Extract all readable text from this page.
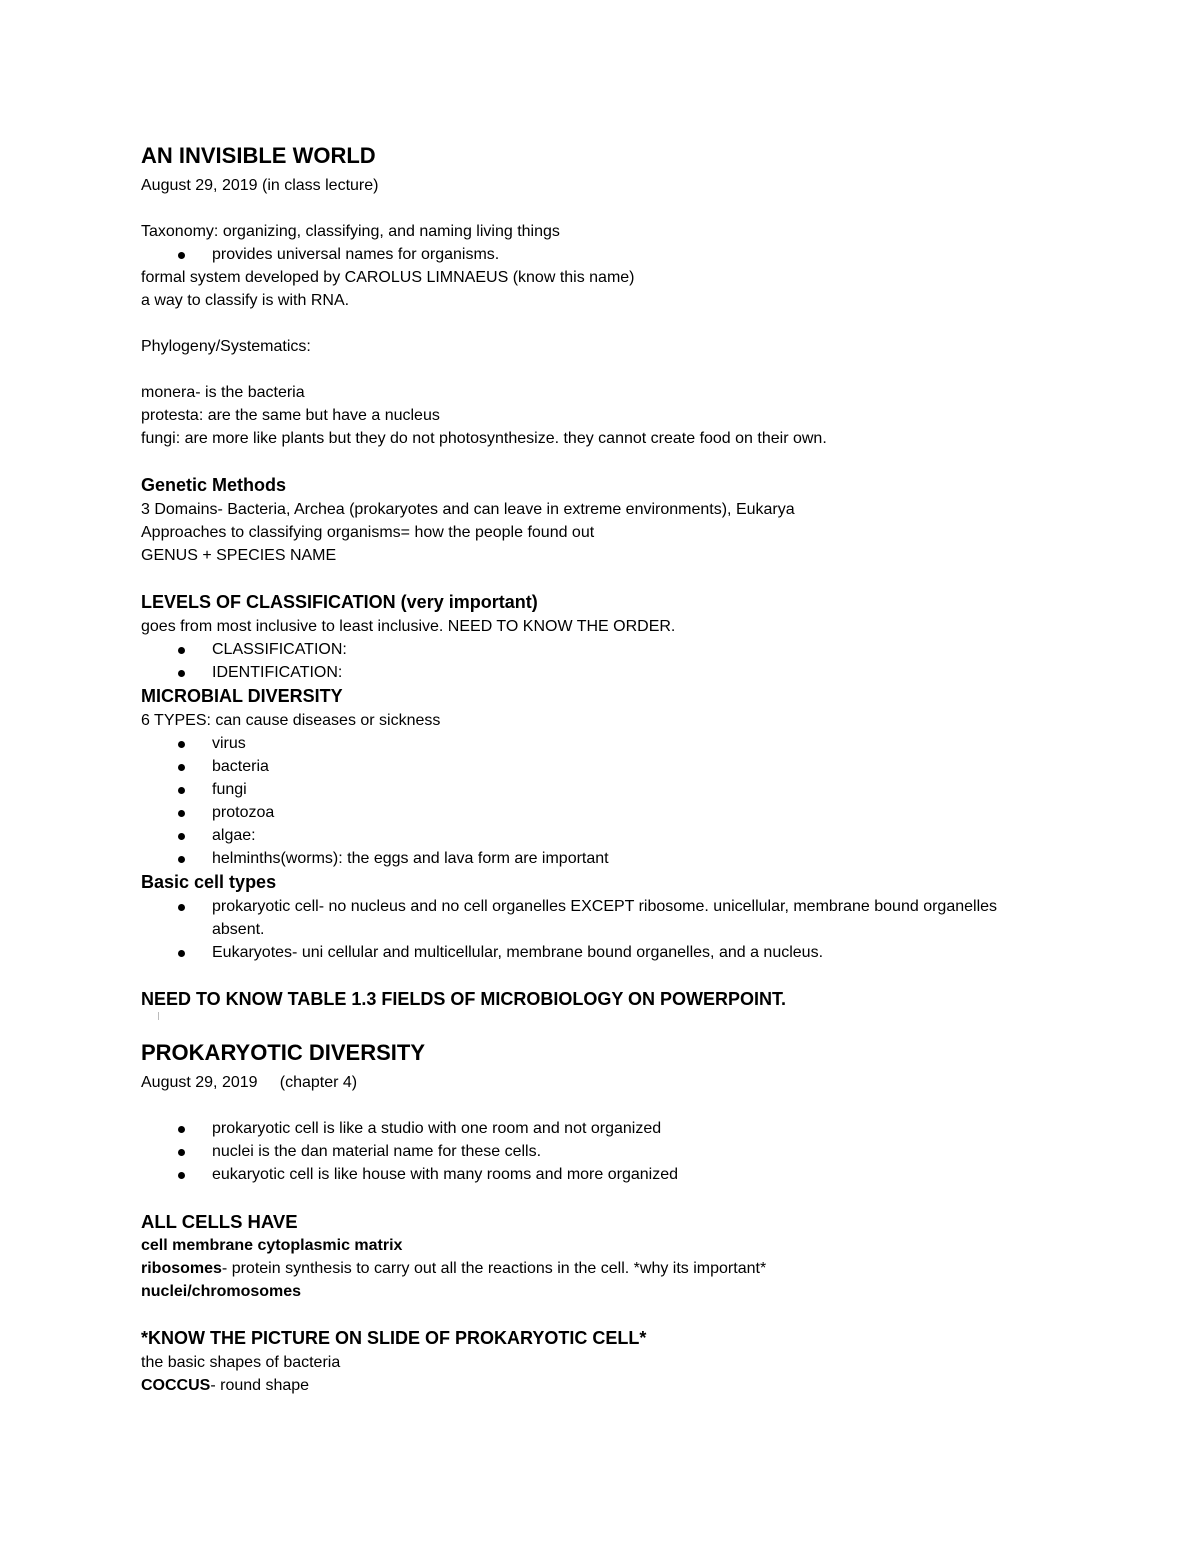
AN INVISIBLE WORLD
August 29, 2019 (in class lecture)
Taxonomy: organizing, classifying, and naming living things
provides universal names for organisms.
formal system developed by CAROLUS LIMNAEUS (know this name)
a way to classify is with RNA.
Phylogeny/Systematics:
monera- is the bacteria
protesta: are the same but have a nucleus
fungi: are more like plants but they do not photosynthesize. they cannot create food on their own.
Genetic Methods
3 Domains- Bacteria, Archea (prokaryotes and can leave in extreme environments), Eukarya
Approaches to classifying organisms= how the people found out
GENUS + SPECIES NAME
LEVELS OF CLASSIFICATION (very important)
goes from most inclusive to least inclusive. NEED TO KNOW THE ORDER.
CLASSIFICATION:
IDENTIFICATION:
MICROBIAL DIVERSITY
6 TYPES: can cause diseases or sickness
virus
bacteria
fungi
protozoa
algae:
helminths(worms): the eggs and lava form are important
Basic cell types
prokaryotic cell- no nucleus and no cell organelles EXCEPT ribosome. unicellular, membrane bound organelles absent.
Eukaryotes- uni cellular and multicellular, membrane bound organelles, and a nucleus.
NEED TO KNOW TABLE 1.3 FIELDS OF MICROBIOLOGY ON POWERPOINT.
PROKARYOTIC DIVERSITY
August 29, 2019     (chapter 4)
prokaryotic cell is like a studio with one room and not organized
nuclei is the dan material name for these cells.
eukaryotic cell is like house with many rooms and more organized
ALL CELLS HAVE
cell membrane cytoplasmic matrix
ribosomes- protein synthesis to carry out all the reactions in the cell. *why its important*
nuclei/chromosomes
*KNOW THE PICTURE ON SLIDE OF PROKARYOTIC CELL*
the basic shapes of bacteria
COCCUS- round shape
